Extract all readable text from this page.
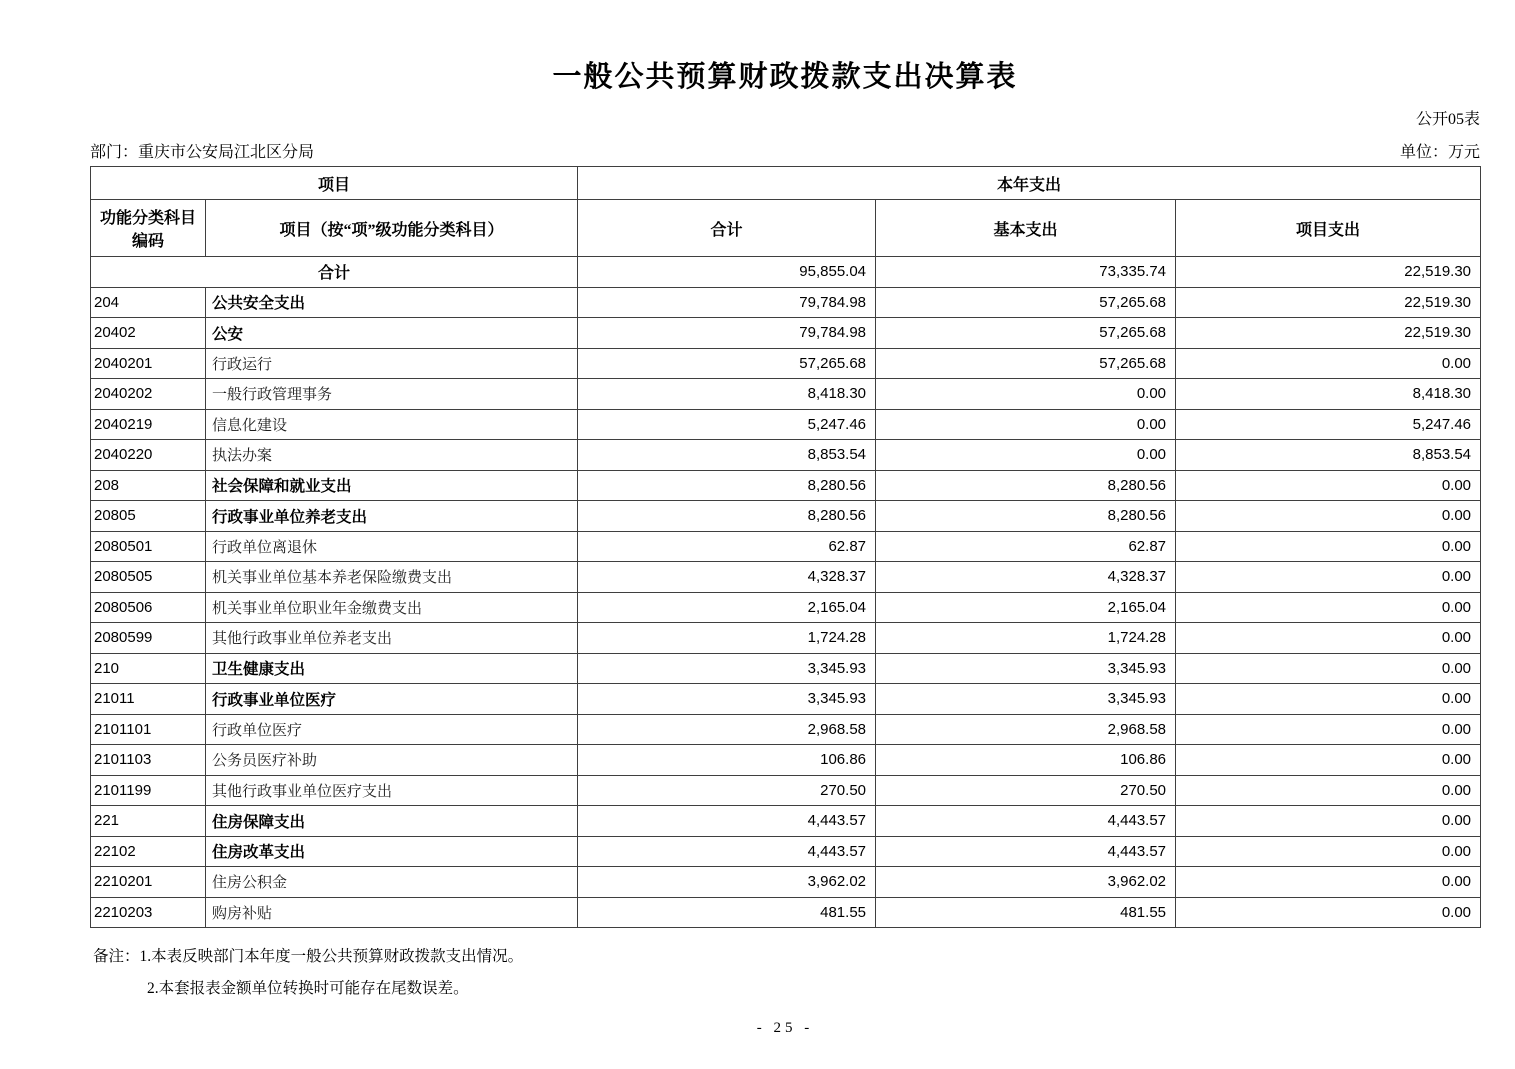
一般公共预算财政拨款支出决算表
公开05表
部门：重庆市公安局江北区分局	单位：万元
项目		本年支出		

功能分类科目
编码	项目（按“项”级功能分类科目）	合计	基本支出	项目支出
合计		95,855.04	73,335.74	22,519.30
204	公共安全支出	79,784.98	57,265.68	22,519.30
20402	公安	79,784.98	57,265.68	22,519.30
2040201	行政运行	57,265.68	57,265.68	0.00
2040202	一般行政管理事务	8,418.30	0.00	8,418.30
2040219	信息化建设	5,247.46	0.00	5,247.46
2040220	执法办案	8,853.54	0.00	8,853.54
208	社会保障和就业支出	8,280.56	8,280.56	0.00
20805	行政事业单位养老支出	8,280.56	8,280.56	0.00
2080501	行政单位离退休	62.87	62.87	0.00
2080505	机关事业单位基本养老保险缴费支出	4,328.37	4,328.37	0.00
2080506	机关事业单位职业年金缴费支出	2,165.04	2,165.04	0.00
2080599	其他行政事业单位养老支出	1,724.28	1,724.28	0.00
210	卫生健康支出	3,345.93	3,345.93	0.00
21011	行政事业单位医疗	3,345.93	3,345.93	0.00
2101101	行政单位医疗	2,968.58	2,968.58	0.00
2101103	公务员医疗补助	106.86	106.86	0.00
2101199	其他行政事业单位医疗支出	270.50	270.50	0.00
221	住房保障支出	4,443.57	4,443.57	0.00
22102	住房改革支出	4,443.57	4,443.57	0.00
2210201	住房公积金	3,962.02	3,962.02	0.00
2210203	购房补贴	481.55	481.55	0.00
备注：1.本表反映部门本年度一般公共预算财政拨款支出情况。
2.本套报表金额单位转换时可能存在尾数误差。
- 25 -
